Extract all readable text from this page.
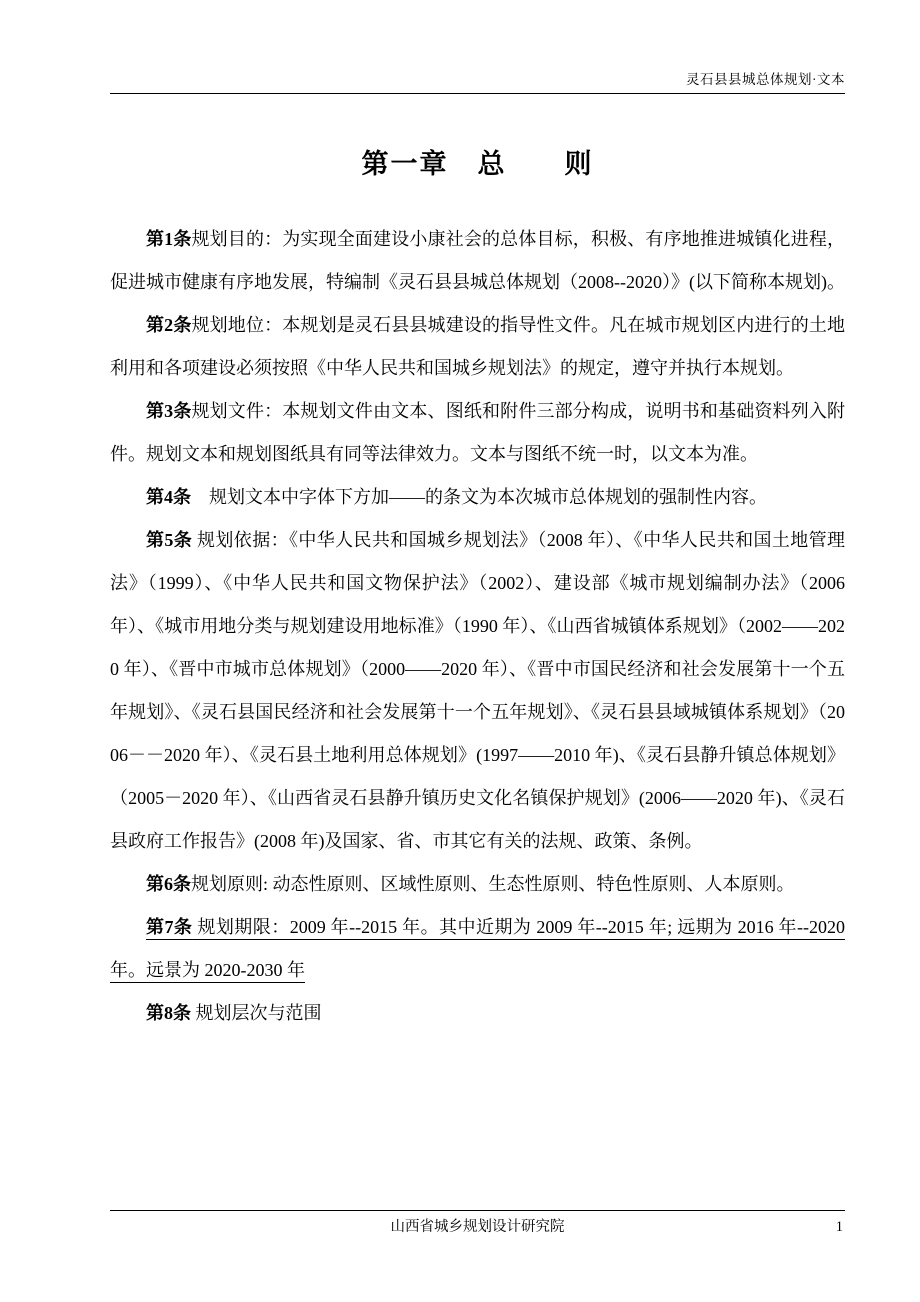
灵石县县城总体规划·文本
第一章　总　　则

第1条规划目的：为实现全面建设小康社会的总体目标，积极、有序地推进城镇化进程，促进城市健康有序地发展，特编制《灵石县县城总体规划（2008--2020）》(以下简称本规划)。

第2条规划地位：本规划是灵石县县城建设的指导性文件。凡在城市规划区内进行的土地利用和各项建设必须按照《中华人民共和国城乡规划法》的规定，遵守并执行本规划。

第3条规划文件：本规划文件由文本、图纸和附件三部分构成，说明书和基础资料列入附件。规划文本和规划图纸具有同等法律效力。文本与图纸不统一时，以文本为准。

第4条　规划文本中字体下方加——的条文为本次城市总体规划的强制性内容。

第5条 规划依据：《中华人民共和国城乡规划法》（2008 年）、《中华人民共和国土地管理法》（1999）、《中华人民共和国文物保护法》（2002）、建设部《城市规划编制办法》（2006 年）、《城市用地分类与规划建设用地标准》（1990 年）、《山西省城镇体系规划》（2002——2020 年）、《晋中市城市总体规划》（2000——2020 年）、《晋中市国民经济和社会发展第十一个五年规划》、《灵石县国民经济和社会发展第十一个五年规划》、《灵石县县域城镇体系规划》（2006－－2020 年）、《灵石县土地利用总体规划》(1997——2010 年)、《灵石县静升镇总体规划》（2005－2020 年）、《山西省灵石县静升镇历史文化名镇保护规划》(2006——2020 年)、《灵石县政府工作报告》(2008 年)及国家、省、市其它有关的法规、政策、条例。

第6条规划原则: 动态性原则、区域性原则、生态性原则、特色性原则、人本原则。

第7条 规划期限：2009 年--2015 年。其中近期为 2009 年--2015 年; 远期为 2016 年--2020 年。远景为 2020-2030 年

第8条 规划层次与范围

山西省城乡规划设计研究院	1
